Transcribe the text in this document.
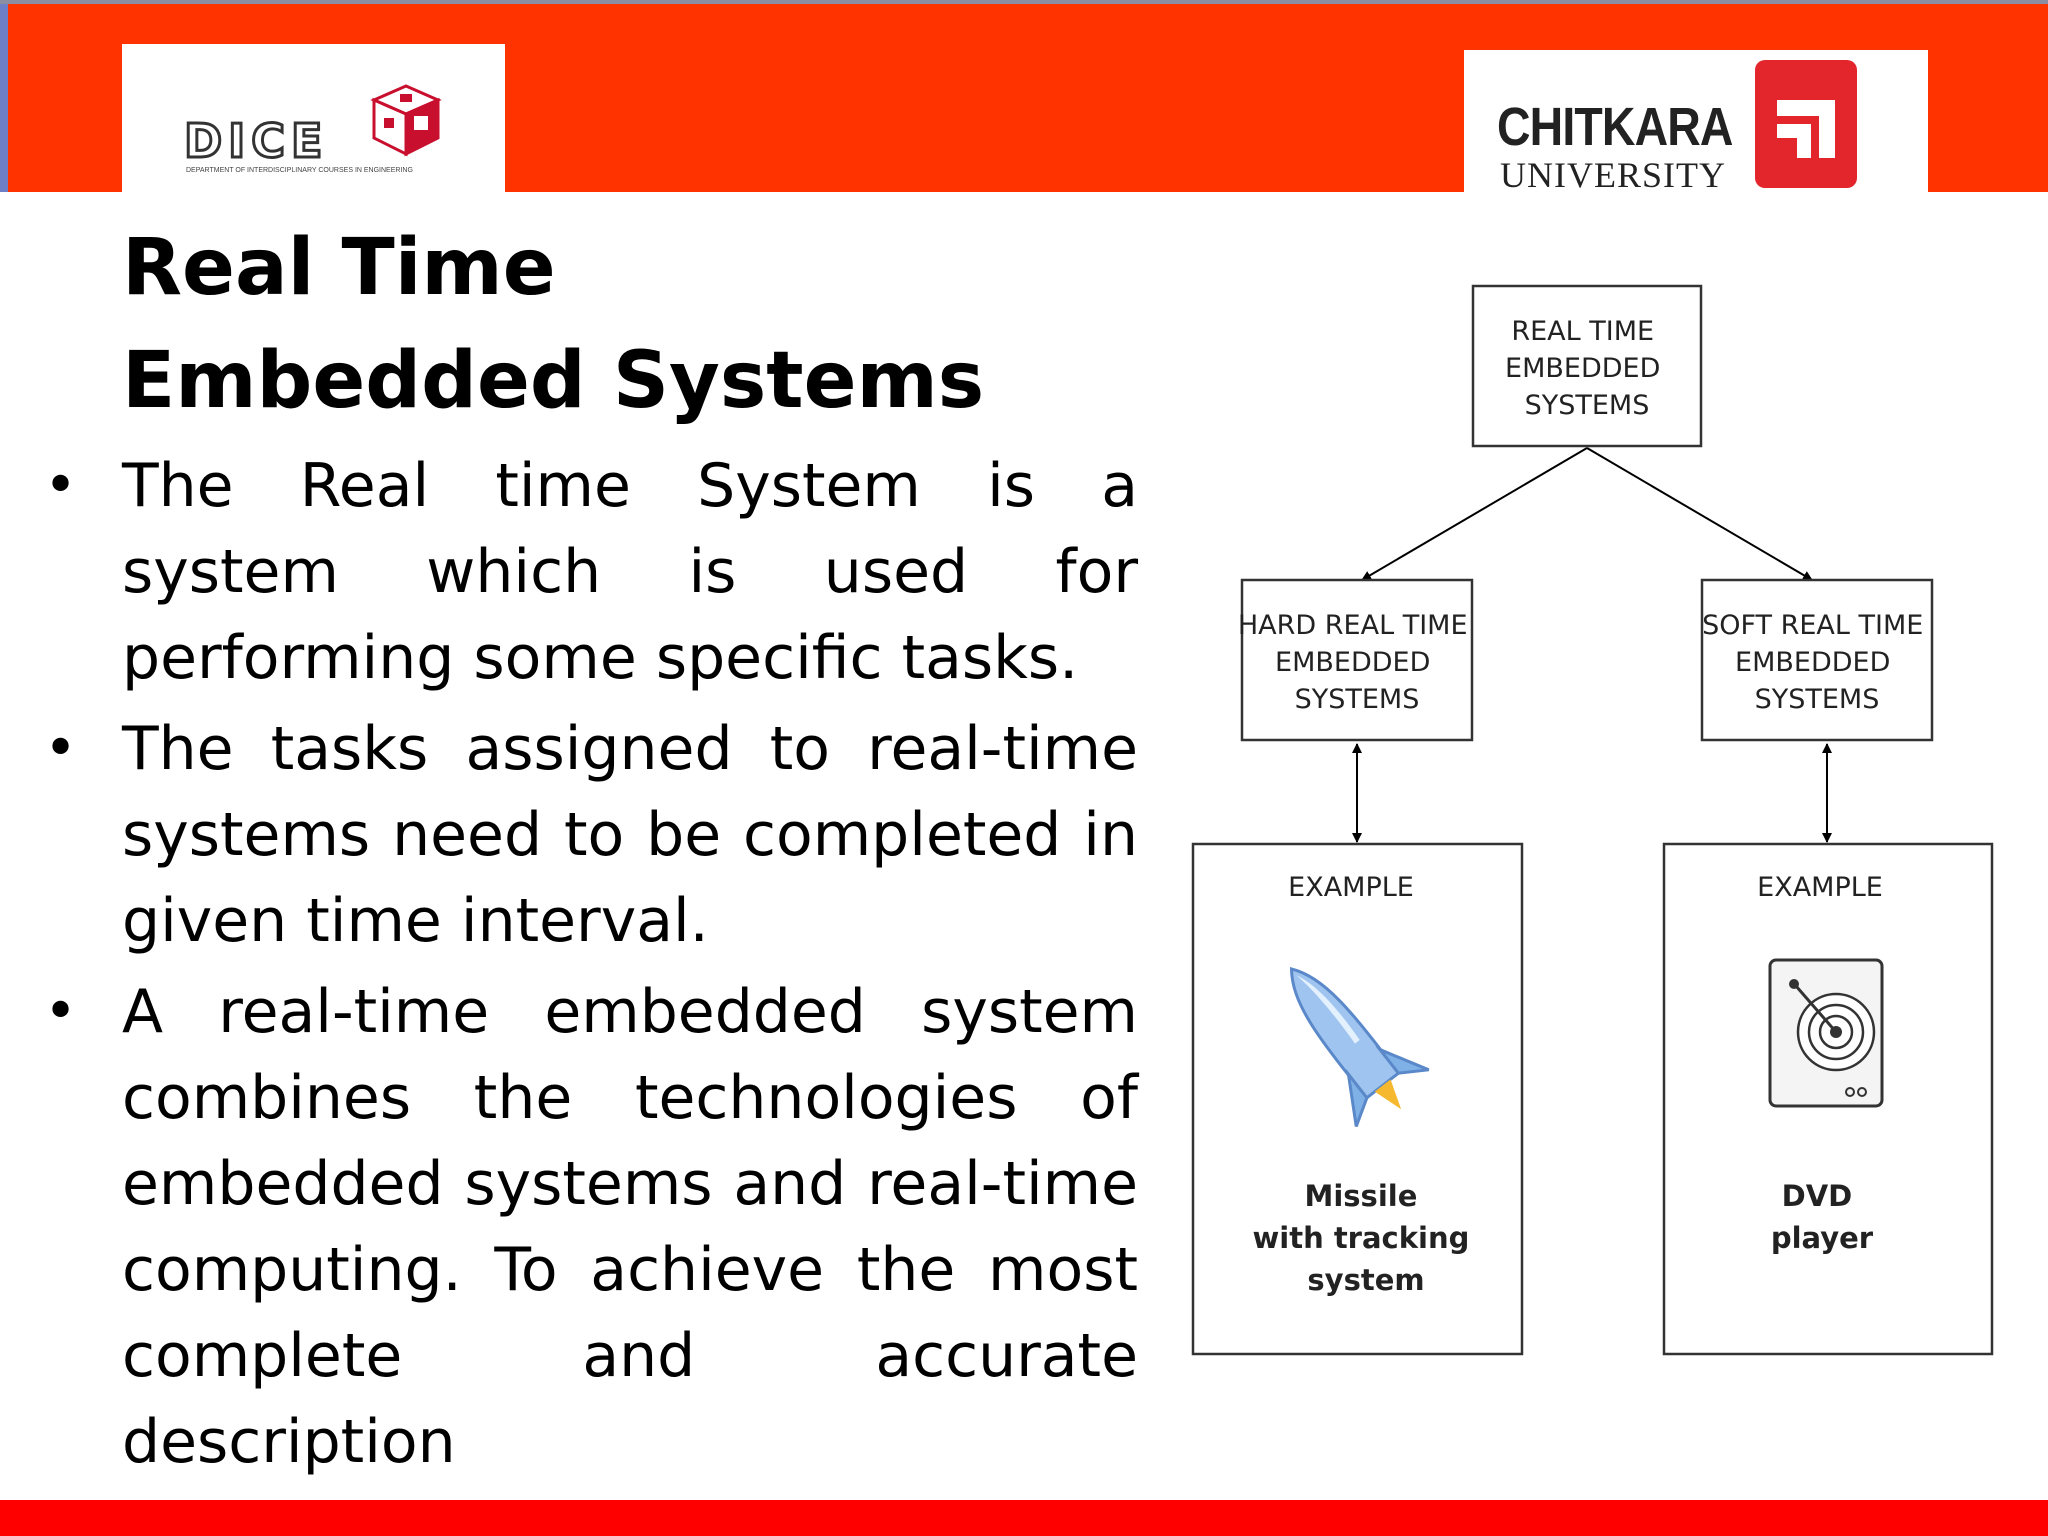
DICE
DEPARTMENT OF INTERDISCIPLINARY COURSES IN ENGINEERING
CHITKARA
UNIVERSITY
Real Time Embedded Systems
• The Real time System is a system which is used for performing some specific tasks.
• The tasks assigned to real-time systems need to be completed in given time interval.
• A real-time embedded system combines the technologies of embedded systems and real-time computing. To achieve the most complete and accurate description
REAL TIME EMBEDDED SYSTEMS
HARD REAL TIME EMBEDDED SYSTEMS
SOFT REAL TIME EMBEDDED SYSTEMS
EXAMPLE
Missile with tracking system
EXAMPLE
DVD player
